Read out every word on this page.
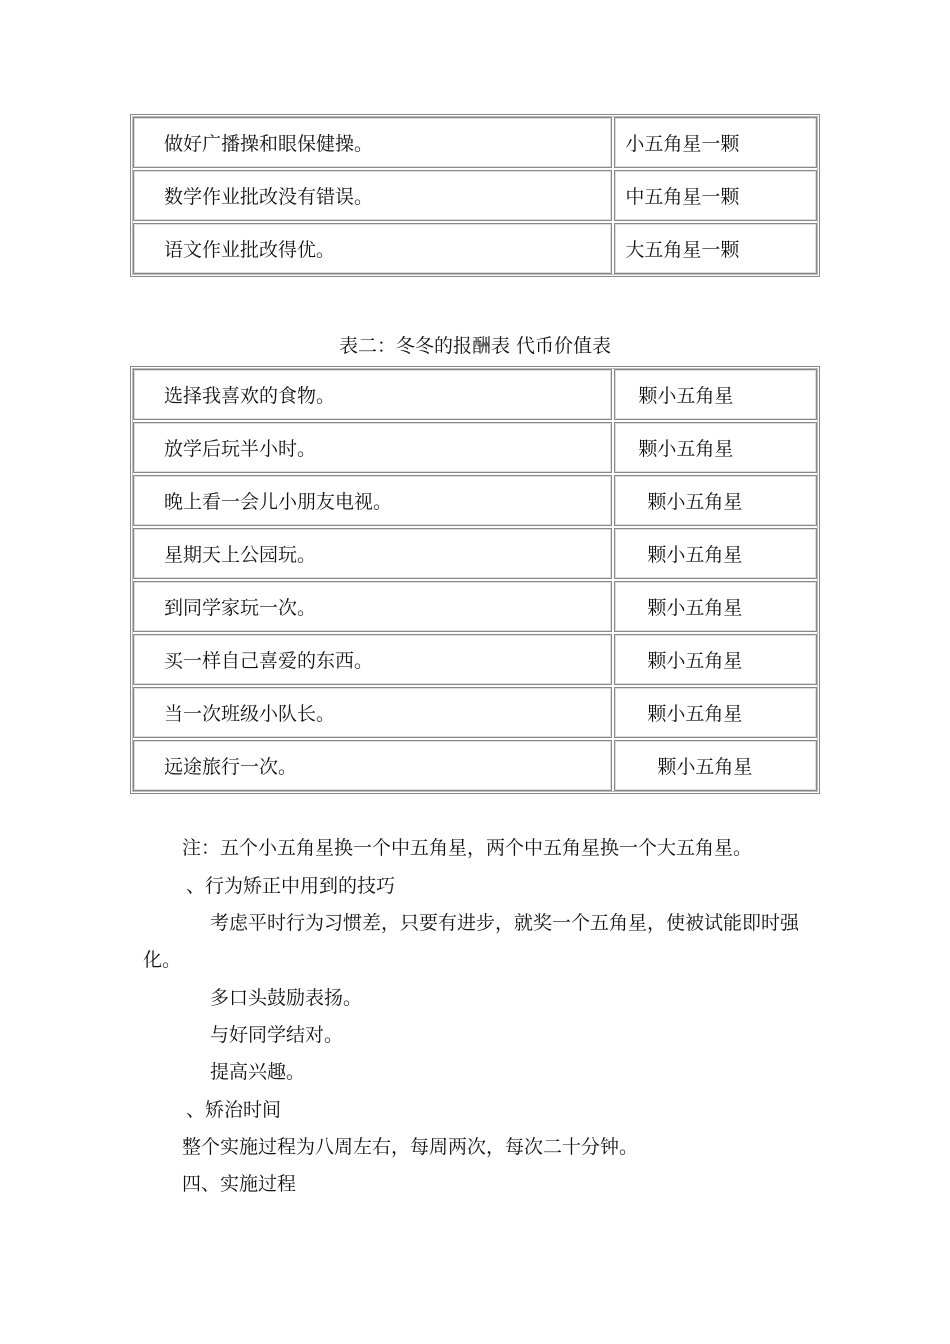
做好广播操和眼保健操。	小五角星一颗
数学作业批改没有错误。	中五角星一颗
语文作业批改得优。	大五角星一颗
表二：冬冬的报酬表 代币价值表
选择我喜欢的食物。	颗小五角星
放学后玩半小时。	颗小五角星
晚上看一会儿小朋友电视。	颗小五角星
星期天上公园玩。	颗小五角星
到同学家玩一次。	颗小五角星
买一样自己喜爱的东西。	颗小五角星
当一次班级小队长。	颗小五角星
远途旅行一次。	颗小五角星
注：五个小五角星换一个中五角星，两个中五角星换一个大五角星。
、行为矫正中用到的技巧
考虑平时行为习惯差，只要有进步，就奖一个五角星，使被试能即时强
化。
多口头鼓励表扬。
与好同学结对。
提高兴趣。
、矫治时间
整个实施过程为八周左右，每周两次，每次二十分钟。
四、实施过程
